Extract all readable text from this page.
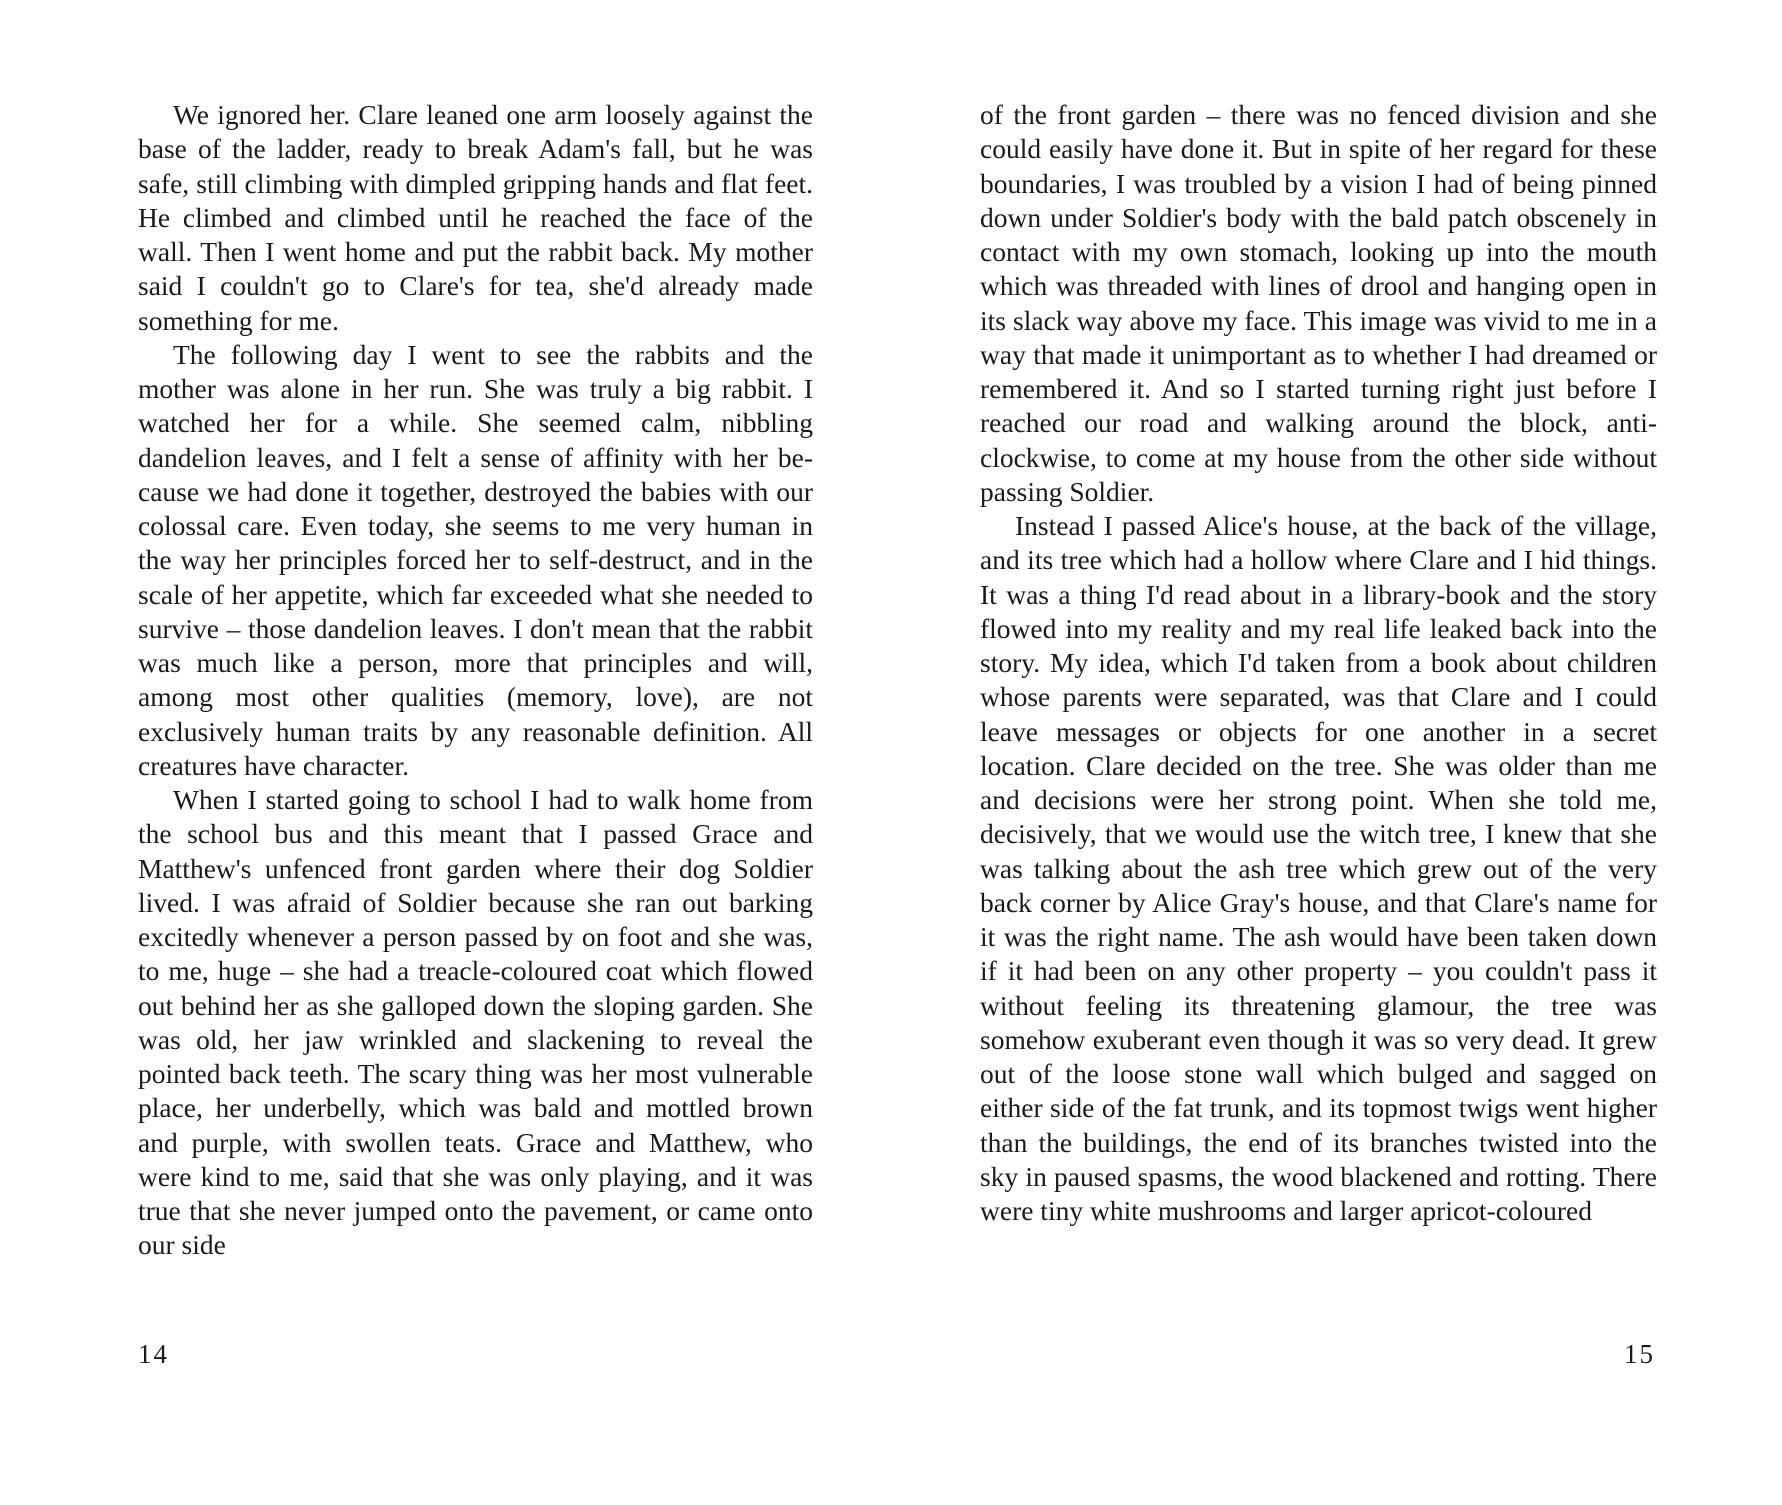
We ignored her. Clare leaned one arm loosely against the base of the ladder, ready to break Adam's fall, but he was safe, still climbing with dimpled gripping hands and flat feet. He climbed and climbed until he reached the face of the wall. Then I went home and put the rabbit back. My mother said I couldn't go to Clare's for tea, she'd already made something for me.

The following day I went to see the rabbits and the mother was alone in her run. She was truly a big rabbit. I watched her for a while. She seemed calm, nibbling dandelion leaves, and I felt a sense of affinity with her because we had done it together, destroyed the babies with our colossal care. Even today, she seems to me very human in the way her principles forced her to self-destruct, and in the scale of her appetite, which far exceeded what she needed to survive – those dandelion leaves. I don't mean that the rabbit was much like a person, more that principles and will, among most other qualities (memory, love), are not exclusively human traits by any reasonable definition. All creatures have character.

When I started going to school I had to walk home from the school bus and this meant that I passed Grace and Matthew's unfenced front garden where their dog Soldier lived. I was afraid of Soldier because she ran out barking excitedly whenever a person passed by on foot and she was, to me, huge – she had a treacle-coloured coat which flowed out behind her as she galloped down the sloping garden. She was old, her jaw wrinkled and slackening to reveal the pointed back teeth. The scary thing was her most vulnerable place, her underbelly, which was bald and mottled brown and purple, with swollen teats. Grace and Matthew, who were kind to me, said that she was only playing, and it was true that she never jumped onto the pavement, or came onto our side

14

of the front garden – there was no fenced division and she could easily have done it. But in spite of her regard for these boundaries, I was troubled by a vision I had of being pinned down under Soldier's body with the bald patch obscenely in contact with my own stomach, looking up into the mouth which was threaded with lines of drool and hanging open in its slack way above my face. This image was vivid to me in a way that made it unimportant as to whether I had dreamed or remembered it. And so I started turning right just before I reached our road and walking around the block, anti-clockwise, to come at my house from the other side without passing Soldier.

Instead I passed Alice's house, at the back of the village, and its tree which had a hollow where Clare and I hid things. It was a thing I'd read about in a library-book and the story flowed into my reality and my real life leaked back into the story. My idea, which I'd taken from a book about children whose parents were separated, was that Clare and I could leave messages or objects for one another in a secret location. Clare decided on the tree. She was older than me and decisions were her strong point. When she told me, decisively, that we would use the witch tree, I knew that she was talking about the ash tree which grew out of the very back corner by Alice Gray's house, and that Clare's name for it was the right name. The ash would have been taken down if it had been on any other property – you couldn't pass it without feeling its threatening glamour, the tree was somehow exuberant even though it was so very dead. It grew out of the loose stone wall which bulged and sagged on either side of the fat trunk, and its topmost twigs went higher than the buildings, the end of its branches twisted into the sky in paused spasms, the wood blackened and rotting. There were tiny white mushrooms and larger apricot-coloured

15
